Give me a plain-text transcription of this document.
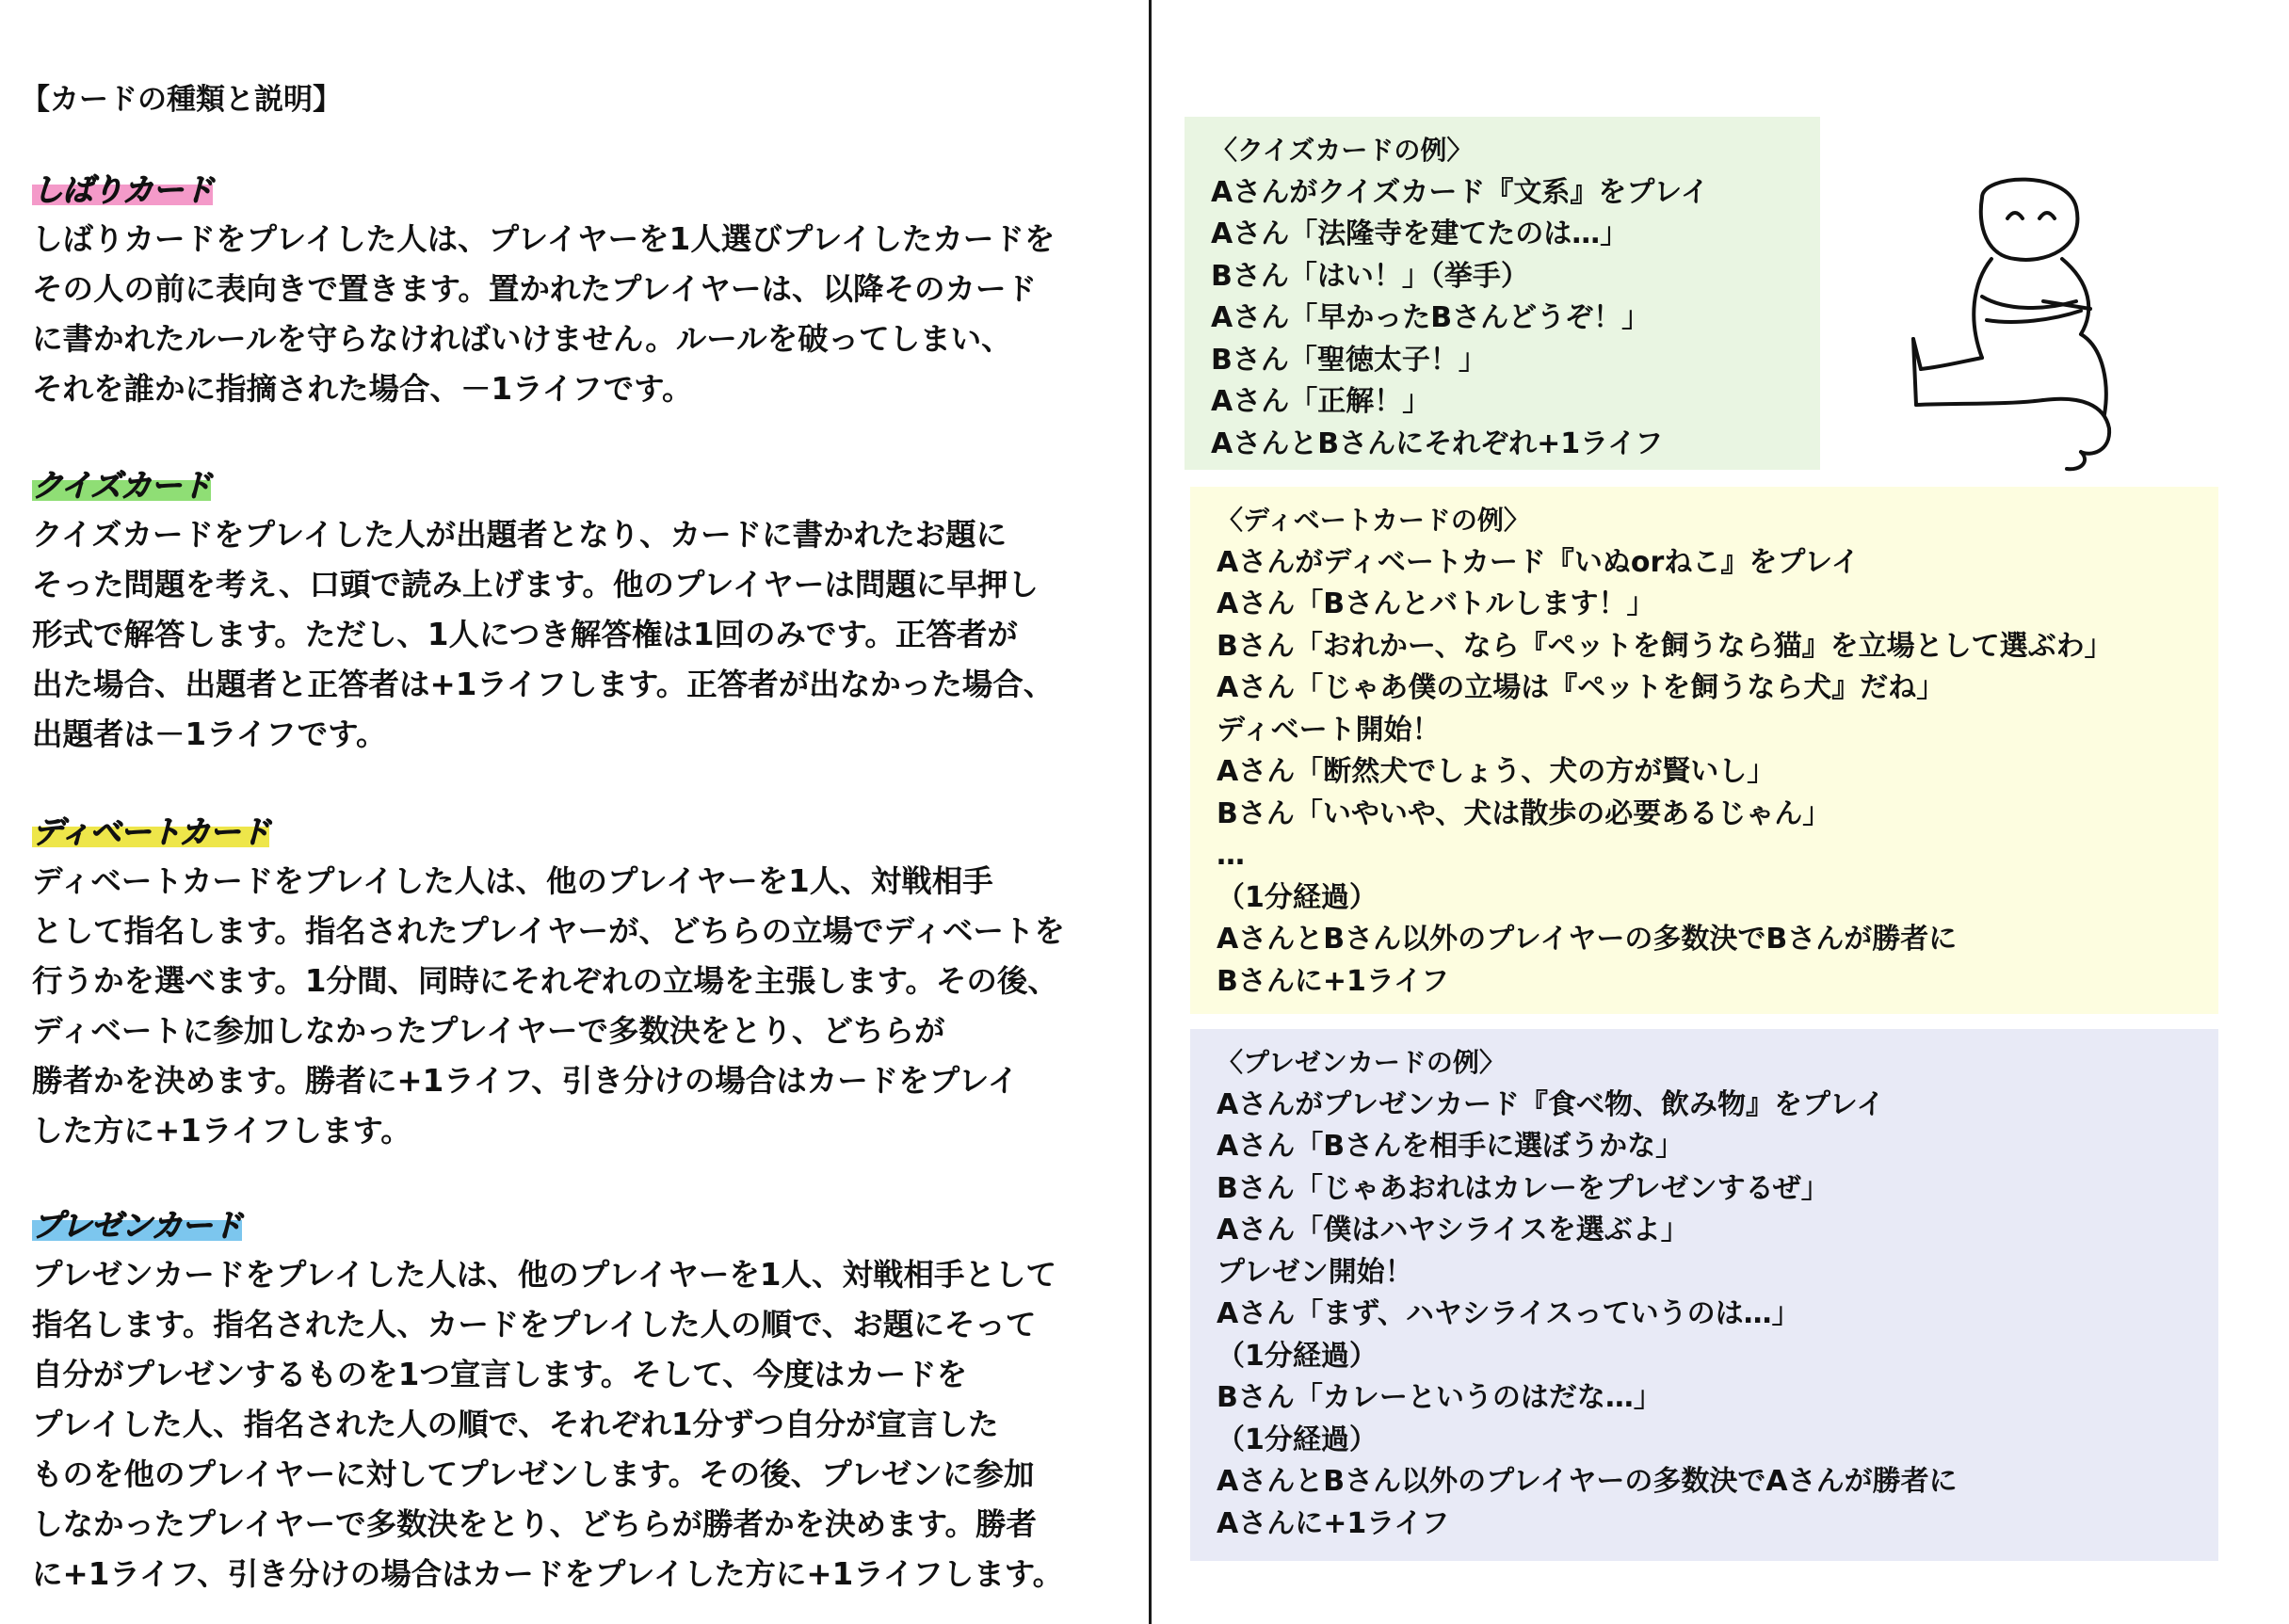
【カードの種類と説明】
しばりカード

しばりカードをプレイした人は、プレイヤーを1人選びプレイしたカードを
その人の前に表向きで置きます。置かれたプレイヤーは、以降そのカード
に書かれたルールを守らなければいけません。ルールを破ってしまい、
それを誰かに指摘された場合、－1ライフです。

クイズカード

クイズカードをプレイした人が出題者となり、カードに書かれたお題に
そった問題を考え、口頭で読み上げます。他のプレイヤーは問題に早押し
形式で解答します。ただし、1人につき解答権は1回のみです。正答者が
出た場合、出題者と正答者は+1ライフします。正答者が出なかった場合、
出題者は－1ライフです。

ディベートカード

ディベートカードをプレイした人は、他のプレイヤーを1人、対戦相手
として指名します。指名されたプレイヤーが、どちらの立場でディベートを
行うかを選べます。1分間、同時にそれぞれの立場を主張します。その後、
ディベートに参加しなかったプレイヤーで多数決をとり、どちらが
勝者かを決めます。勝者に+1ライフ、引き分けの場合はカードをプレイ
した方に+1ライフします。

プレゼンカード

プレゼンカードをプレイした人は、他のプレイヤーを1人、対戦相手として
指名します。指名された人、カードをプレイした人の順で、お題にそって
自分がプレゼンするものを1つ宣言します。そして、今度はカードを
プレイした人、指名された人の順で、それぞれ1分ずつ自分が宣言した
ものを他のプレイヤーに対してプレゼンします。その後、プレゼンに参加
しなかったプレイヤーで多数決をとり、どちらが勝者かを決めます。勝者
に+1ライフ、引き分けの場合はカードをプレイした方に+1ライフします。

〈クイズカードの例〉
Aさんがクイズカード『文系』をプレイ
Aさん「法隆寺を建てたのは…」
Bさん「はい！」（挙手）
Aさん「早かったBさんどうぞ！」
Bさん「聖徳太子！」
Aさん「正解！」
AさんとBさんにそれぞれ+1ライフ
〈ディベートカードの例〉
Aさんがディベートカード『いぬorねこ』をプレイ
Aさん「Bさんとバトルします！」
Bさん「おれかー、なら『ペットを飼うなら猫』を立場として選ぶわ」
Aさん「じゃあ僕の立場は『ペットを飼うなら犬』だね」
ディベート開始！
Aさん「断然犬でしょう、犬の方が賢いし」
Bさん「いやいや、犬は散歩の必要あるじゃん」
…
（1分経過）
AさんとBさん以外のプレイヤーの多数決でBさんが勝者に
Bさんに+1ライフ
〈プレゼンカードの例〉
Aさんがプレゼンカード『食べ物、飲み物』をプレイ
Aさん「Bさんを相手に選ぼうかな」
Bさん「じゃあおれはカレーをプレゼンするぜ」
Aさん「僕はハヤシライスを選ぶよ」
プレゼン開始！
Aさん「まず、ハヤシライスっていうのは…」
（1分経過）
Bさん「カレーというのはだな…」
（1分経過）
AさんとBさん以外のプレイヤーの多数決でAさんが勝者に
Aさんに+1ライフ
